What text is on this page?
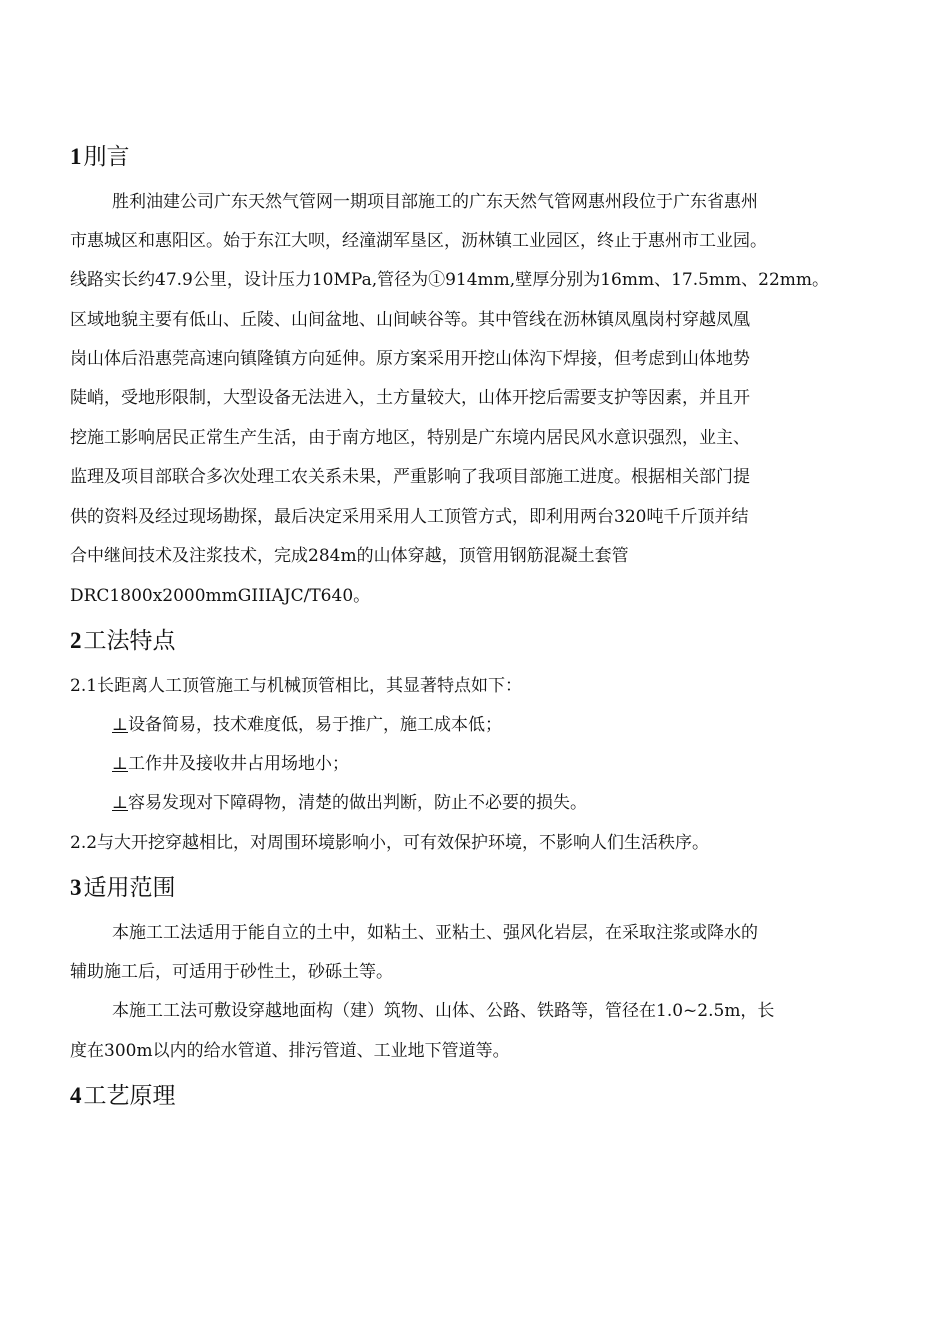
1刖言
胜利油建公司广东天然气管网一期项目部施工的广东天然气管网惠州段位于广东省惠州
市惠城区和惠阳区。始于东江大呗，经潼湖军垦区，沥林镇工业园区，终止于惠州市工业园。
线路实长约47.9公里，设计压力10MPa,管径为①914mm,壁厚分别为16mm、17.5mm、22mm。
区域地貌主要有低山、丘陵、山间盆地、山间峡谷等。其中管线在沥林镇凤凰岗村穿越凤凰
岗山体后沿惠莞高速向镇隆镇方向延伸。原方案采用开挖山体沟下焊接，但考虑到山体地势
陡峭，受地形限制，大型设备无法进入，土方量较大，山体开挖后需要支护等因素，并且开
挖施工影响居民正常生产生活，由于南方地区，特别是广东境内居民风水意识强烈，业主、
监理及项目部联合多次处理工农关系未果，严重影响了我项目部施工进度。根据相关部门提
供的资料及经过现场勘探，最后决定采用采用人工顶管方式，即利用两台320吨千斤顶并结
合中继间技术及注浆技术，完成284m的山体穿越，顶管用钢筋混凝土套管
DRC1800x2000mmGIIIAJC/T640。
2工法特点
2.1长距离人工顶管施工与机械顶管相比，其显著特点如下：
⊥设备简易，技术难度低，易于推广，施工成本低；
⊥工作井及接收井占用场地小；
⊥容易发现对下障碍物，清楚的做出判断，防止不必要的损失。
2.2与大开挖穿越相比，对周围环境影响小，可有效保护环境，不影响人们生活秩序。
3适用范围
本施工工法适用于能自立的土中，如粘土、亚粘土、强风化岩层，在采取注浆或降水的
辅助施工后，可适用于砂性土，砂砾土等。
本施工工法可敷设穿越地面构（建）筑物、山体、公路、铁路等，管径在1.0~2.5m，长
度在300m以内的给水管道、排污管道、工业地下管道等。
4工艺原理
